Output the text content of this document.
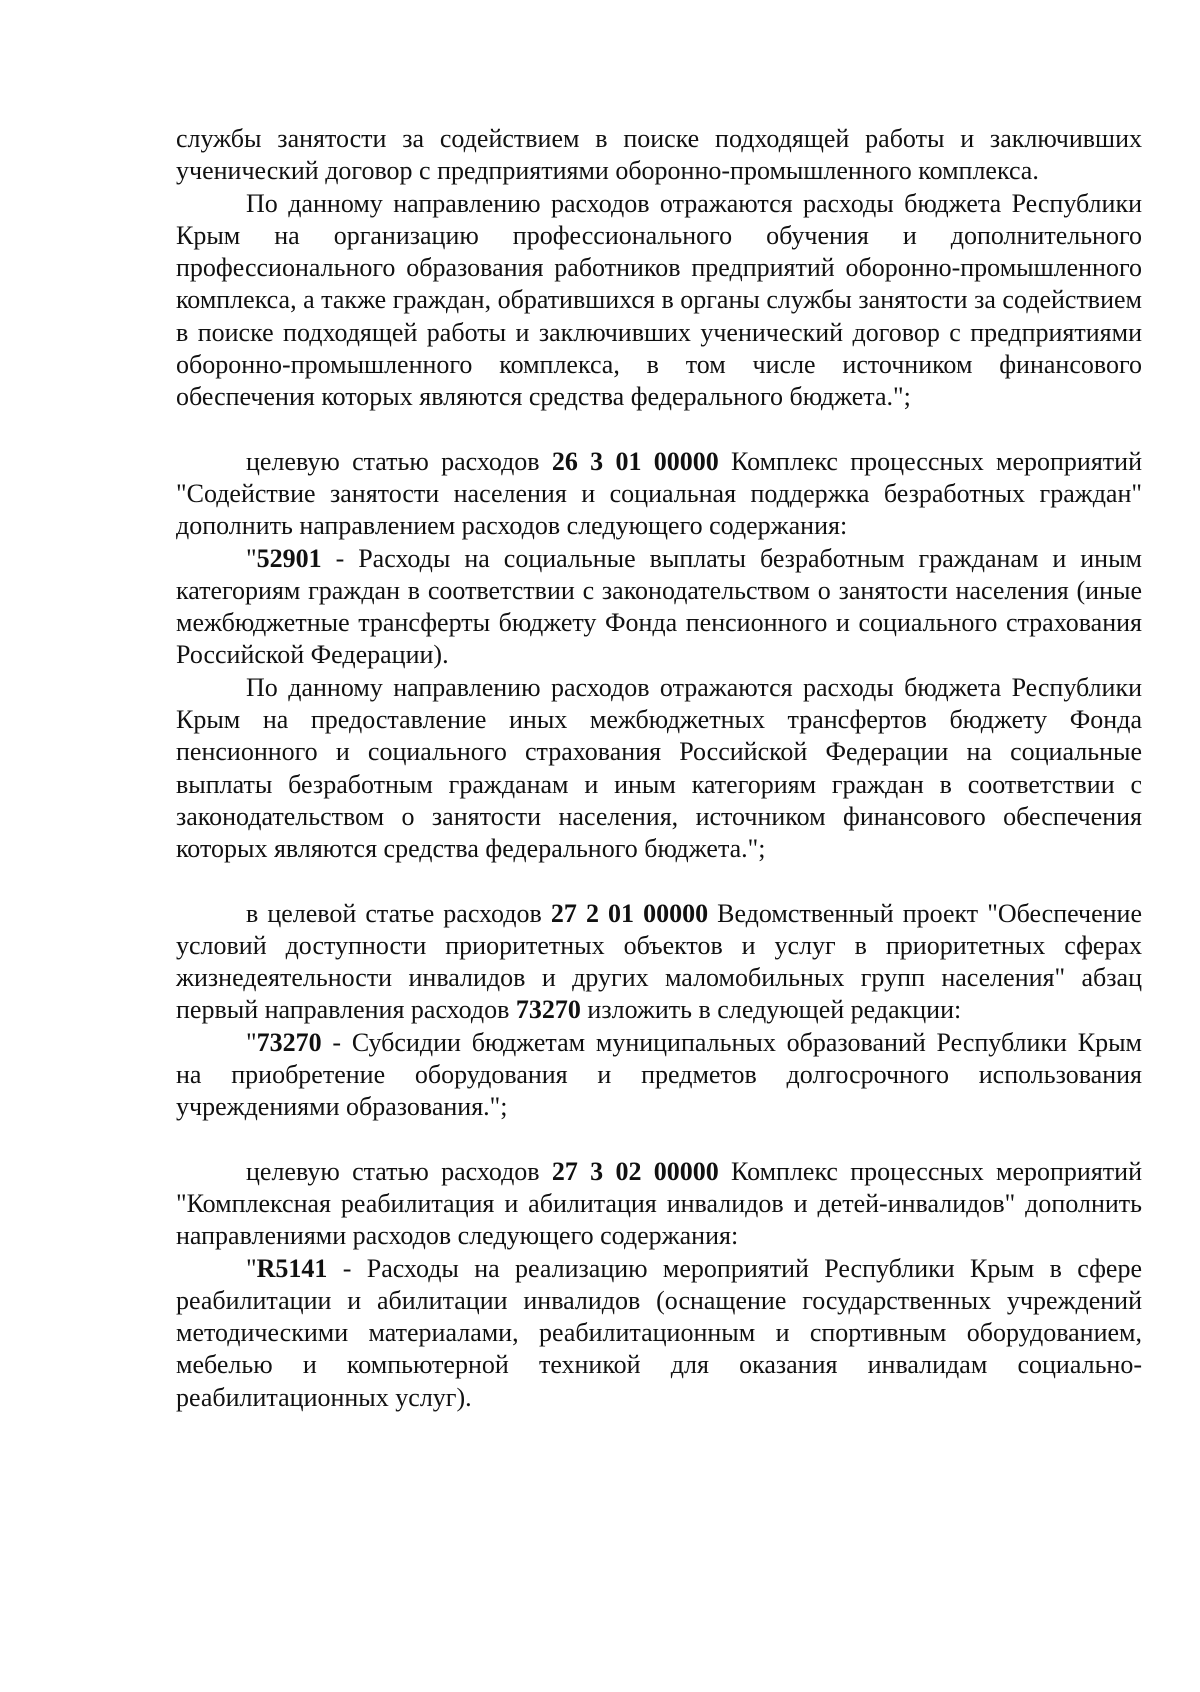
службы занятости за содействием в поиске подходящей работы и заключивших ученический договор с предприятиями оборонно-промышленного комплекса.

По данному направлению расходов отражаются расходы бюджета Республики Крым на организацию профессионального обучения и дополнительного профессионального образования работников предприятий оборонно-промышленного комплекса, а также граждан, обратившихся в органы службы занятости за содействием в поиске подходящей работы и заключивших ученический договор с предприятиями оборонно-промышленного комплекса, в том числе источником финансового обеспечения которых являются средства федерального бюджета.";

целевую статью расходов 26 3 01 00000 Комплекс процессных мероприятий "Содействие занятости населения и социальная поддержка безработных граждан" дополнить направлением расходов следующего содержания:

"52901 - Расходы на социальные выплаты безработным гражданам и иным категориям граждан в соответствии с законодательством о занятости населения (иные межбюджетные трансферты бюджету Фонда пенсионного и социального страхования Российской Федерации).

По данному направлению расходов отражаются расходы бюджета Республики Крым на предоставление иных межбюджетных трансфертов бюджету Фонда пенсионного и социального страхования Российской Федерации на социальные выплаты безработным гражданам и иным категориям граждан в соответствии с законодательством о занятости населения, источником финансового обеспечения которых являются средства федерального бюджета.";

в целевой статье расходов 27 2 01 00000 Ведомственный проект "Обеспечение условий доступности приоритетных объектов и услуг в приоритетных сферах жизнедеятельности инвалидов и других маломобильных групп населения" абзац первый направления расходов 73270 изложить в следующей редакции:

"73270 - Субсидии бюджетам муниципальных образований Республики Крым на приобретение оборудования и предметов долгосрочного использования учреждениями образования.";

целевую статью расходов 27 3 02 00000 Комплекс процессных мероприятий "Комплексная реабилитация и абилитация инвалидов и детей-инвалидов" дополнить направлениями расходов следующего содержания:

"R5141 - Расходы на реализацию мероприятий Республики Крым в сфере реабилитации и абилитации инвалидов (оснащение государственных учреждений методическими материалами, реабилитационным и спортивным оборудованием, мебелью и компьютерной техникой для оказания инвалидам социально-реабилитационных услуг).
